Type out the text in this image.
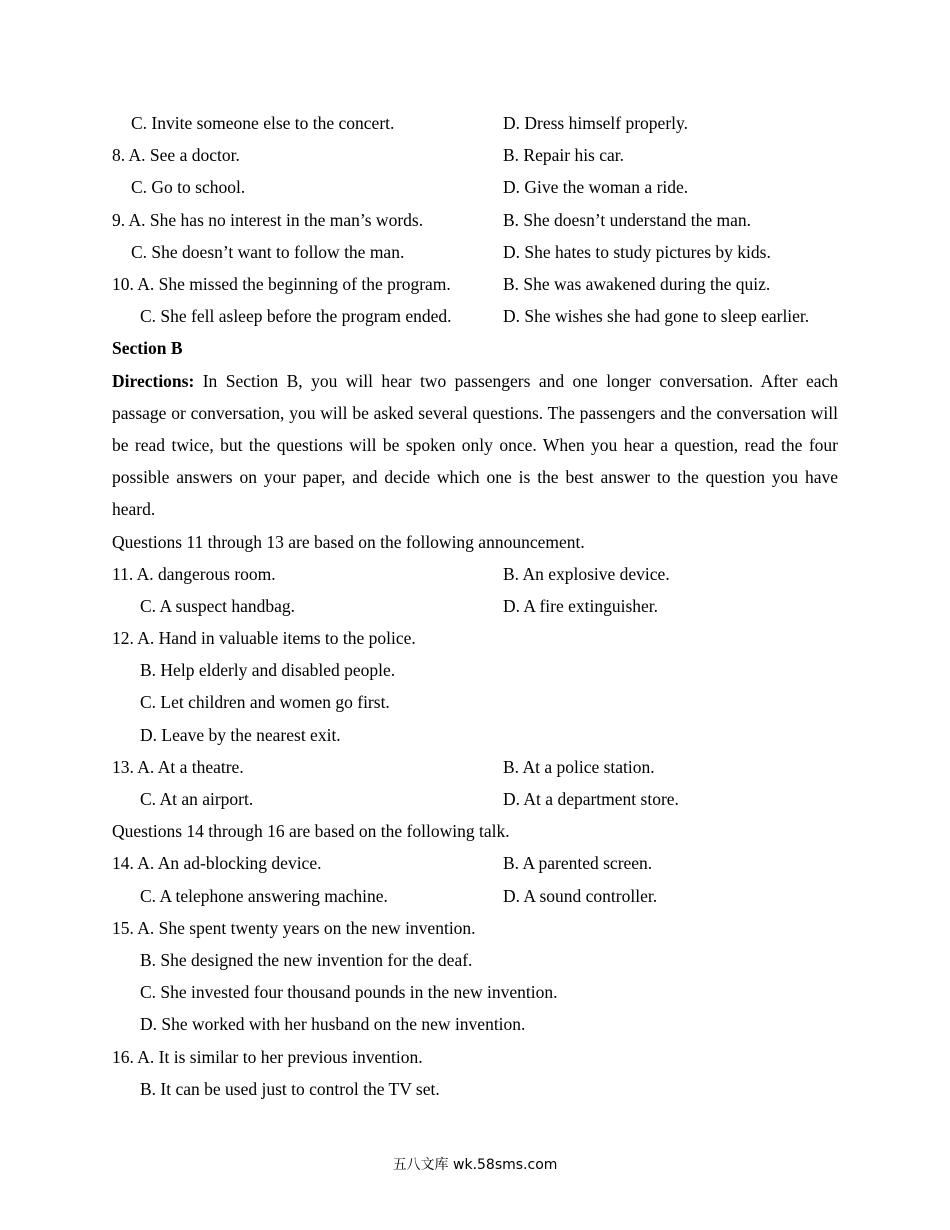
C. Invite someone else to the concert.	D. Dress himself properly.
8. A. See a doctor.	B. Repair his car.
C. Go to school.	D. Give the woman a ride.
9. A. She has no interest in the man’s words.	B. She doesn’t understand the man.
C. She doesn’t want to follow the man.	D. She hates to study pictures by kids.
10. A. She missed the beginning of the program.	B. She was awakened during the quiz.
C. She fell asleep before the program ended.	D. She wishes she had gone to sleep earlier.
Section B
Directions: In Section B, you will hear two passengers and one longer conversation. After each passage or conversation, you will be asked several questions. The passengers and the conversation will be read twice, but the questions will be spoken only once. When you hear a question, read the four possible answers on your paper, and decide which one is the best answer to the question you have heard.
Questions 11 through 13 are based on the following announcement.
11. A. dangerous room.	B. An explosive device.
C. A suspect handbag.	D. A fire extinguisher.
12. A. Hand in valuable items to the police.
B. Help elderly and disabled people.
C. Let children and women go first.
D. Leave by the nearest exit.
13. A. At a theatre.	B. At a police station.
C. At an airport.	D. At a department store.
Questions 14 through 16 are based on the following talk.
14. A. An ad-blocking device.	B. A parented screen.
C. A telephone answering machine.	D. A sound controller.
15. A. She spent twenty years on the new invention.
B. She designed the new invention for the deaf.
C. She invested four thousand pounds in the new invention.
D. She worked with her husband on the new invention.
16. A. It is similar to her previous invention.
B. It can be used just to control the TV set.
五八文库 wk.58sms.com
